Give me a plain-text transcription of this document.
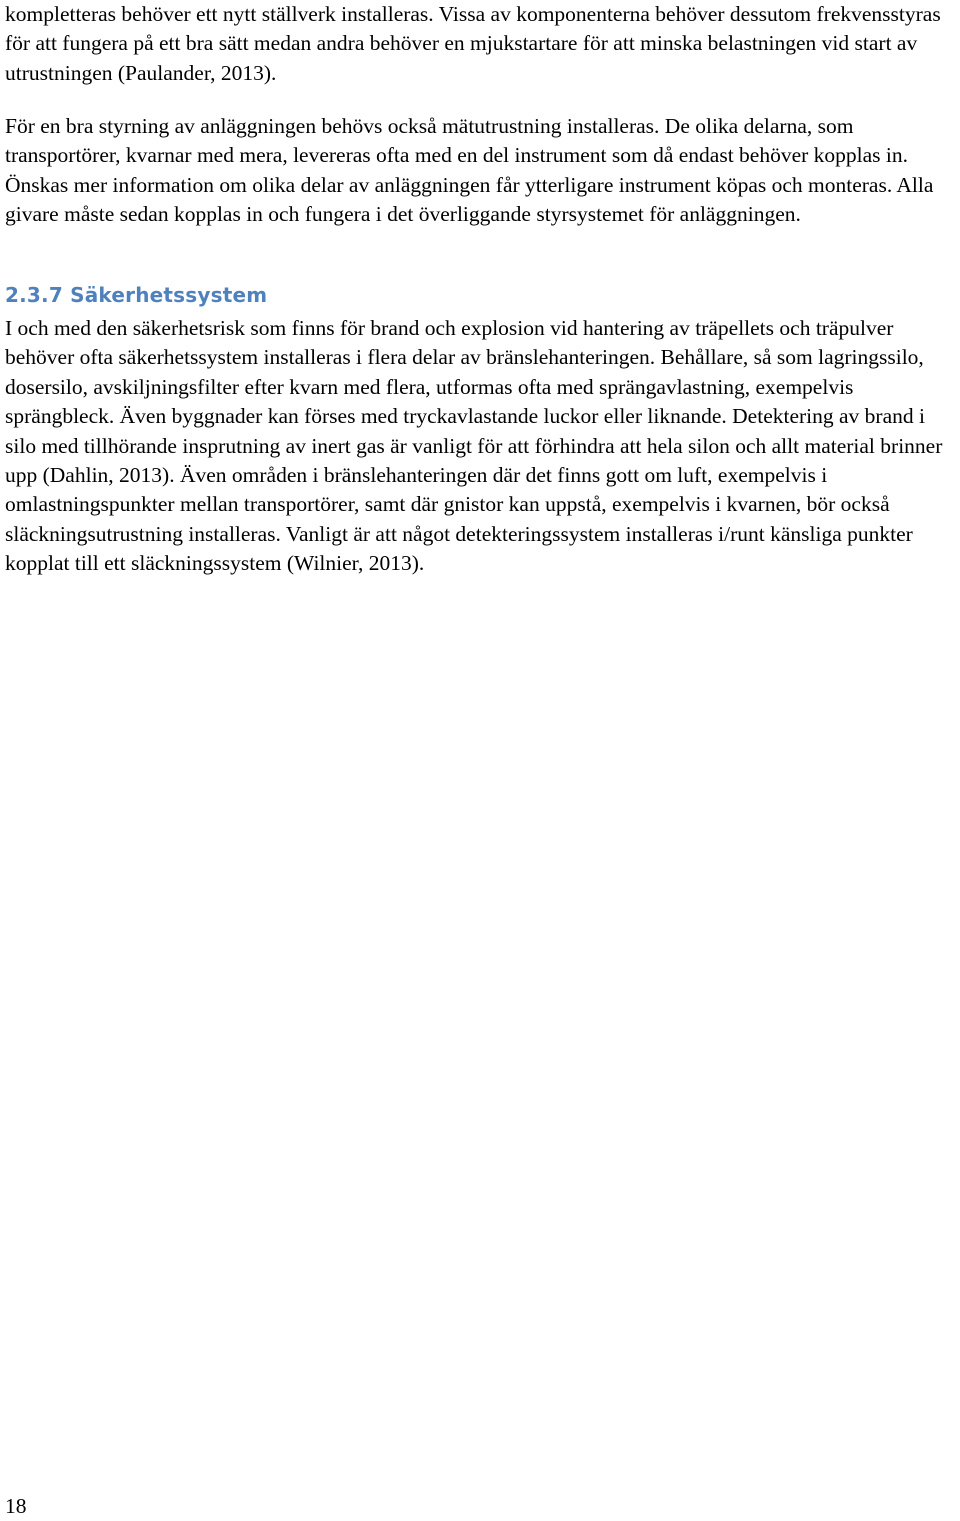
kompletteras behöver ett nytt ställverk installeras. Vissa av komponenterna behöver dessutom frekvensstyras för att fungera på ett bra sätt medan andra behöver en mjukstartare för att minska belastningen vid start av utrustningen (Paulander, 2013).

För en bra styrning av anläggningen behövs också mätutrustning installeras. De olika delarna, som transportörer, kvarnar med mera, levereras ofta med en del instrument som då endast behöver kopplas in. Önskas mer information om olika delar av anläggningen får ytterligare instrument köpas och monteras. Alla givare måste sedan kopplas in och fungera i det överliggande styrsystemet för anläggningen.

2.3.7 Säkerhetssystem

I och med den säkerhetsrisk som finns för brand och explosion vid hantering av träpellets och träpulver behöver ofta säkerhetssystem installeras i flera delar av bränslehanteringen. Behållare, så som lagringssilo, dosersilo, avskiljningsfilter efter kvarn med flera, utformas ofta med sprängavlastning, exempelvis sprängbleck. Även byggnader kan förses med tryckavlastande luckor eller liknande. Detektering av brand i silo med tillhörande insprutning av inert gas är vanligt för att förhindra att hela silon och allt material brinner upp (Dahlin, 2013). Även områden i bränslehanteringen där det finns gott om luft, exempelvis i omlastningspunkter mellan transportörer, samt där gnistor kan uppstå, exempelvis i kvarnen, bör också släckningsutrustning installeras. Vanligt är att något detekteringssystem installeras i/runt känsliga punkter kopplat till ett släckningssystem (Wilnier, 2013).

18
